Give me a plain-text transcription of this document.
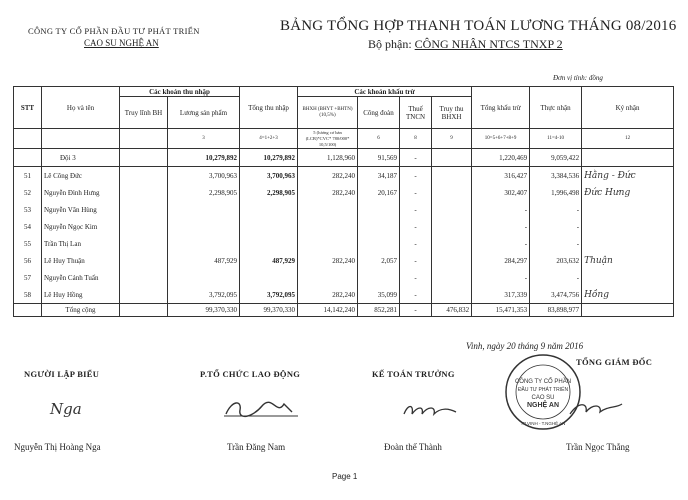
CÔNG TY CỔ PHẦN ĐẦU TƯ PHÁT TRIỂN
CAO SU NGHỆ AN
BẢNG TỔNG HỢP THANH TOÁN LƯƠNG THÁNG 08/2016
Bộ phận: CÔNG NHÂN NTCS TNXP 2
Đơn vị tính: đồng
STT	Họ và tên	Các khoản thu nhập		Tổng thu nhập	Các khoản khấu trừ				Tổng khấu trừ	Thực nhận	Ký nhận
		Truy lĩnh BH	Lương sản phẩm		BHXH (BHYT +BHTN) (10,5%)	Công đoàn	Thuế TNCN	Truy thu BHXH			
			3	4=1+2+3	5 (lương cơ bản (LCB)*CVC* 780/000* 10,5/100)	6	8	9	10=5+6+7+8+9	11=4-10	12
	Đội 3		10,279,892	10,279,892	1,128,960	91,569	-		1,220,469	9,059,422	
51	Lê Công Đức		3,700,963	3,700,963	282,240	34,187	-		316,427	3,384,536	Hằng - Đức
52	Nguyễn Đình Hưng		2,298,905	2,298,905	282,240	20,167	-		302,407	1,996,498	Đức Hưng
53	Nguyễn Văn Hùng						-		-	-	
54	Nguyễn Ngọc Kim						-		-	-	
55	Trần Thị Lan						-		-	-	
56	Lê Huy Thuận		487,929	487,929	282,240	2,057	-		284,297	203,632	Thuận
57	Nguyễn Cảnh Tuấn						-		-	-	
58	Lê Huy Hồng		3,792,095	3,792,095	282,240	35,099	-		317,339	3,474,756	Hồng
	Tổng cộng		99,370,330	99,370,330	14,142,240	852,281	-	476,832	15,471,353	83,898,977	
Vinh, ngày 20 tháng 9 năm 2016
NGƯỜI LẬP BIỂU	P.TỔ CHỨC LAO ĐỘNG	KẾ TOÁN TRƯỞNG
TỔNG GIÁM ĐỐC
Nga
CÔNG TY CỔ PHẦN
ĐẦU TƯ PHÁT TRIỂN
CAO SU
NGHỆ AN
TP.VINH - T.NGHỆ AN
Nguyễn Thị Hoàng Nga	Trần Đăng Nam	Đoàn thế Thành	Trần Ngọc Thắng
Page 1
